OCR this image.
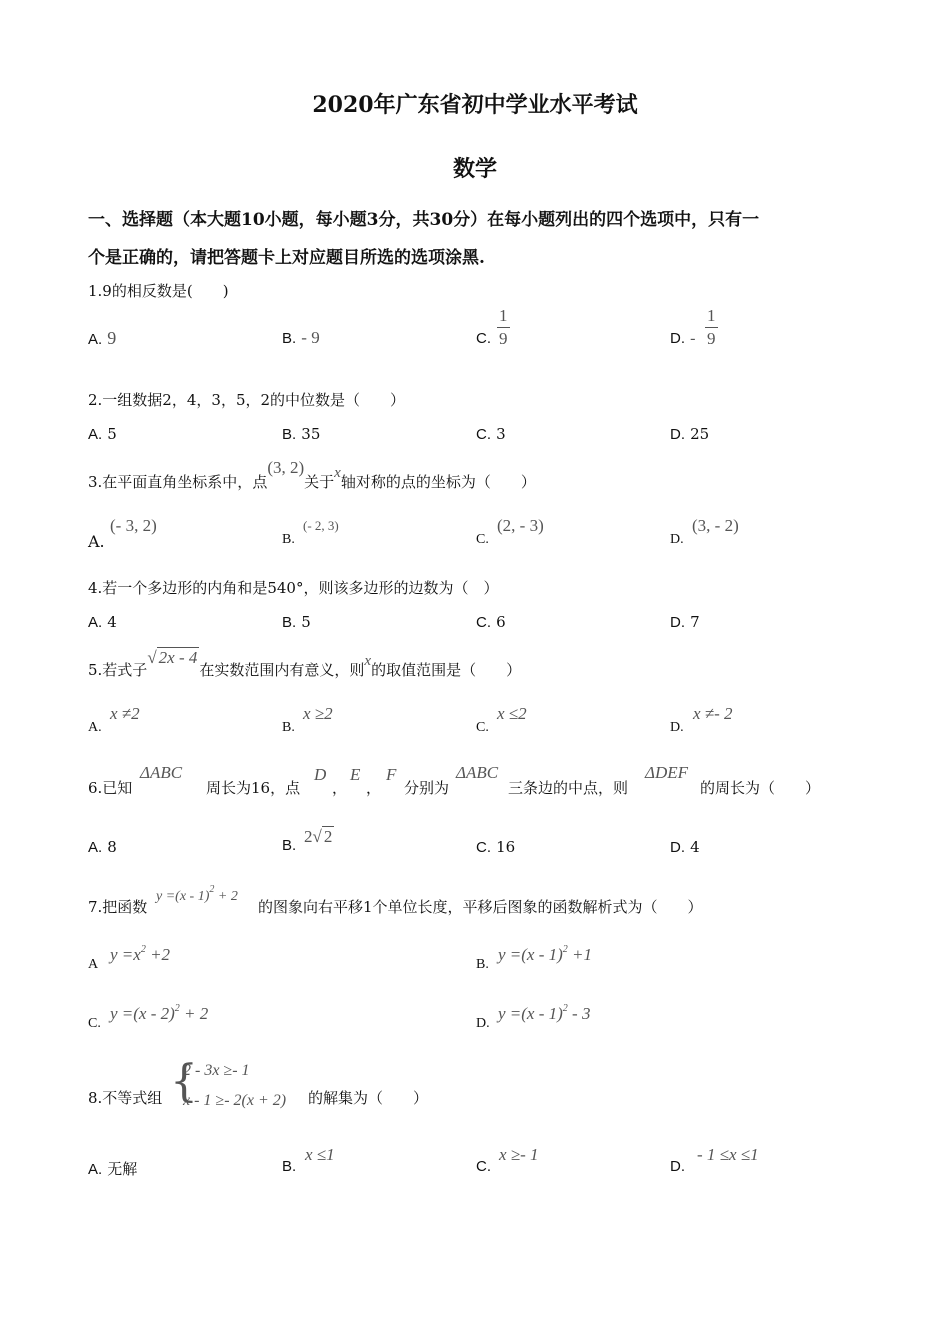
2020年广东省初中学业水平考试
数学
一、选择题（本大题10小题，每小题3分，共30分）在每小题列出的四个选项中，只有一
个是正确的，请把答题卡上对应题目所选的选项涂黑.
1.9的相反数是(　　)
A. 9	B. - 9	C. $\frac{1}{9}$	D. - $\frac{1}{9}$
2.一组数据2，4，3，5，2的中位数是（　　）
A. 5	B. 35	C. 3	D. 25
3.在平面直角坐标系中，点(3, 2)关于x轴对称的点的坐标为（　　）
A.
(- 3, 2)
B.
(- 2, 3)
C.
(2, - 3)
D.
(3, - 2)
4.若一个多边形的内角和是540°，则该多边形的边数为（　）
A. 4	B. 5	C. 6	D. 7
5.若式子√ 2x - 4在实数范围内有意义，则x的取值范围是（　　）
A.
x ≠2
B.
x ≥2
C.
x ≤2
D.
x ≠- 2
6.已知
ΔABC
周长为16，点
D
，
E
，
F
分别为
ΔABC
三条边的中点，则
ΔDEF
的周长为（　　）
A. 8	B. 2√ 2
C. 16	D. 4
7.把函数
y =(x - 1)$^2$ + 2
的图象向右平移1个单位长度，平移后图象的函数解析式为（　　）
A
$y =x^2 +2$
B.
y =(x - 1)$^2$ +1
C.
y =(x - 2)$^2$ + 2
D.
y =(x - 1)$^2$ - 3
8.不等式组 {
2 - 3x ≥- 1
x - 1 ≥- 2(x + 2) 的解集为（　　）
A. 无解	B.
x ≤1
C.
x ≥- 1
D.
- 1 ≤x ≤1
